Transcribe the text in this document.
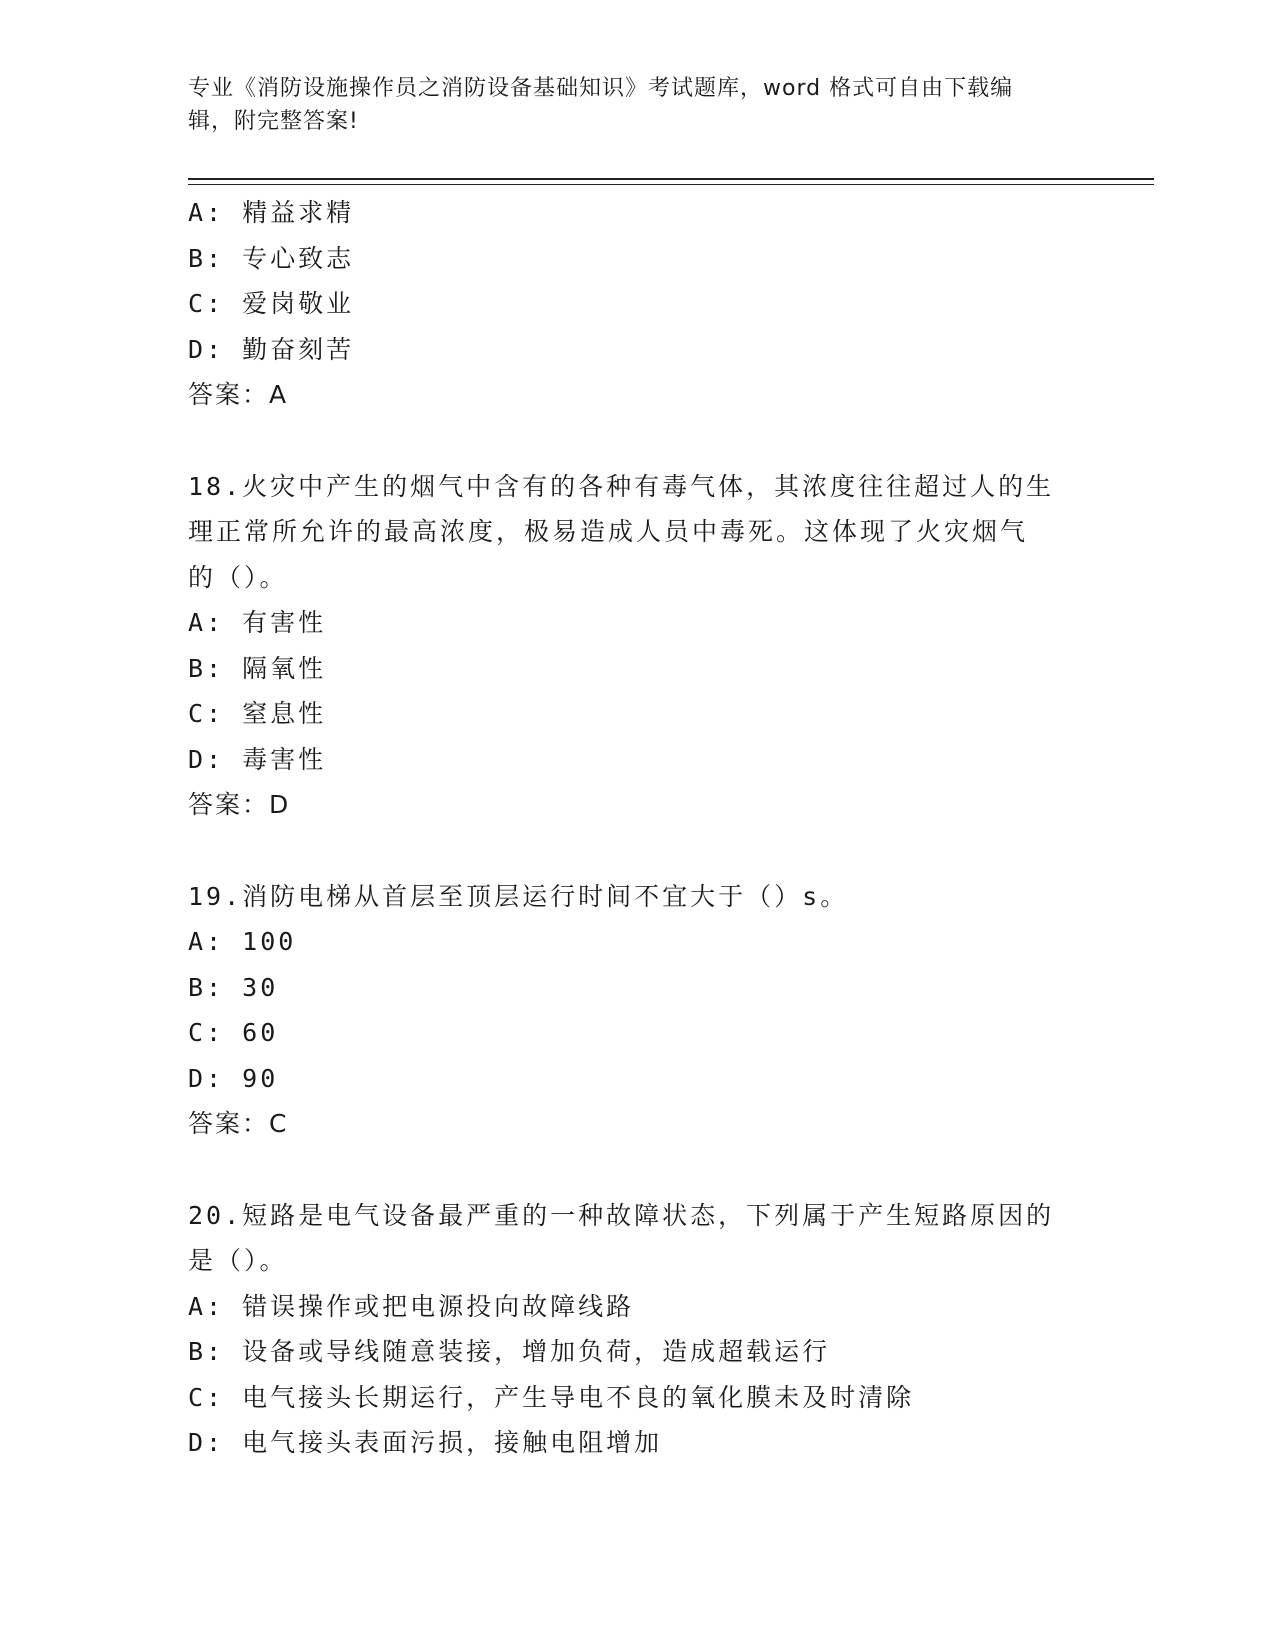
专业《消防设施操作员之消防设备基础知识》考试题库，word 格式可自由下载编
辑，附完整答案!
A: 精益求精
B: 专心致志
C: 爱岗敬业
D: 勤奋刻苦
答案：A
18.火灾中产生的烟气中含有的各种有毒气体，其浓度往往超过人的生
理正常所允许的最高浓度，极易造成人员中毒死。这体现了火灾烟气
的（）。
A: 有害性
B: 隔氧性
C: 窒息性
D: 毒害性
答案：D
19.消防电梯从首层至顶层运行时间不宜大于（）s。
A: 100
B: 30
C: 60
D: 90
答案：C
20.短路是电气设备最严重的一种故障状态，下列属于产生短路原因的
是（）。
A: 错误操作或把电源投向故障线路
B: 设备或导线随意装接，增加负荷，造成超载运行
C: 电气接头长期运行，产生导电不良的氧化膜未及时清除
D: 电气接头表面污损，接触电阻增加
